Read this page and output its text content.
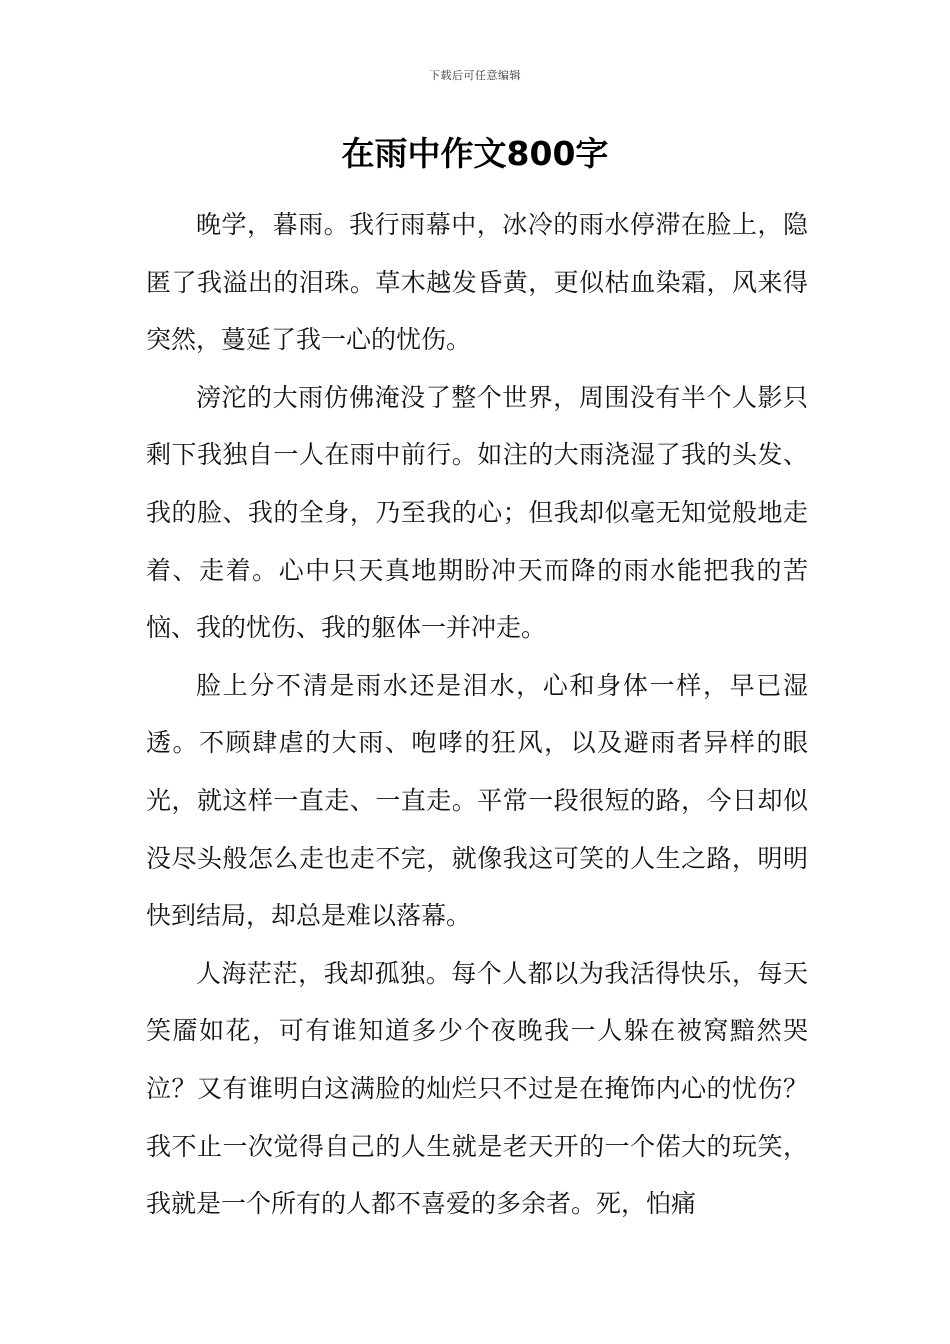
下载后可任意编辑
在雨中作文800字

晚学，暮雨。我行雨幕中，冰冷的雨水停滞在脸上，隐匿了我溢出的泪珠。草木越发昏黄，更似枯血染霜，风来得突然，蔓延了我一心的忧伤。

滂沱的大雨仿佛淹没了整个世界，周围没有半个人影只剩下我独自一人在雨中前行。如注的大雨浇湿了我的头发、我的脸、我的全身，乃至我的心；但我却似毫无知觉般地走着、走着。心中只天真地期盼冲天而降的雨水能把我的苦恼、我的忧伤、我的躯体一并冲走。

脸上分不清是雨水还是泪水，心和身体一样，早已湿透。不顾肆虐的大雨、咆哮的狂风，以及避雨者异样的眼光，就这样一直走、一直走。平常一段很短的路，今日却似没尽头般怎么走也走不完，就像我这可笑的人生之路，明明快到结局，却总是难以落幕。

人海茫茫，我却孤独。每个人都以为我活得快乐，每天笑靥如花，可有谁知道多少个夜晚我一人躲在被窝黯然哭泣？又有谁明白这满脸的灿烂只不过是在掩饰内心的忧伤？我不止一次觉得自己的人生就是老天开的一个偌大的玩笑，我就是一个所有的人都不喜爱的多余者。死，怕痛
